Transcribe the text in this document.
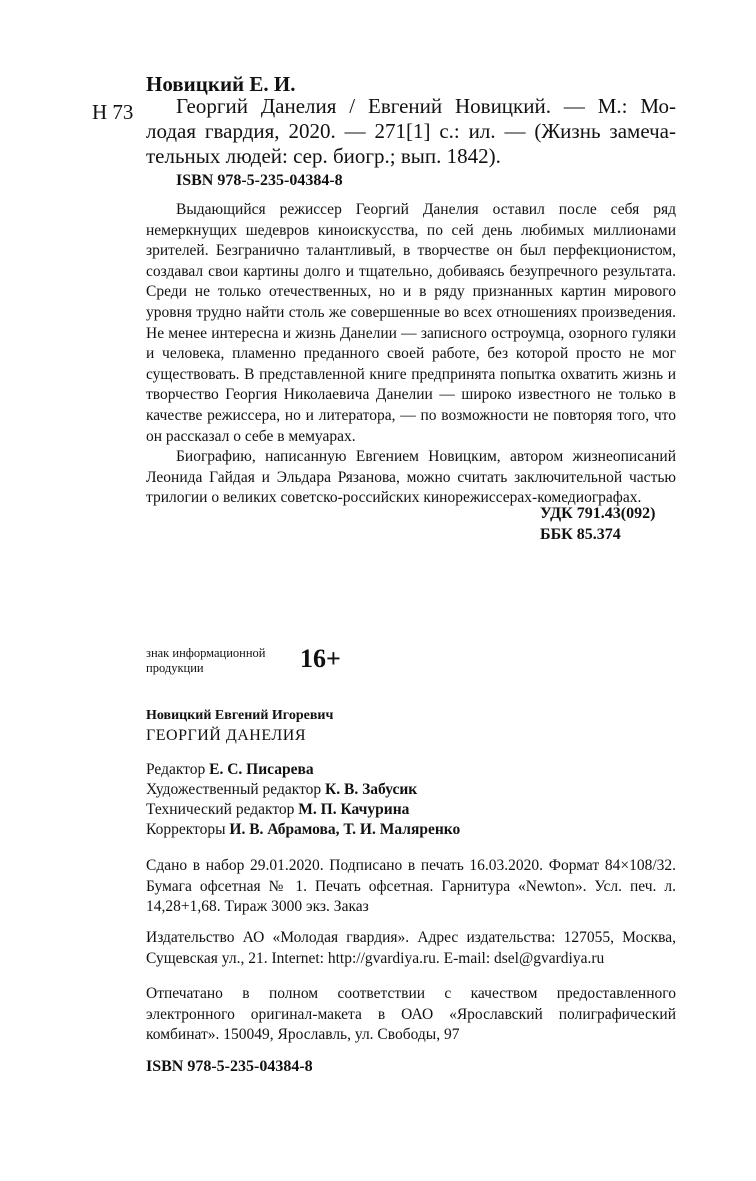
Новицкий Е. И.
Н 73 Георгий Данелия / Евгений Новицкий. — М.: Мо-
лодая гвардия, 2020. — 271[1] с.: ил. — (Жизнь замеча-
тельных людей: сер. биогр.; вып. 1842).
ISBN 978-5-235-04384-8

Выдающийся режиссер Георгий Данелия оставил после себя ряд немеркнущих шедевров киноискусства, по сей день любимых миллионами зрителей. Безгранично талантливый, в творчестве он был перфекционистом, создавал свои картины долго и тщательно, добиваясь безупречного результата. Среди не только отечественных, но и в ряду признанных картин мирового уровня трудно найти столь же совершенные во всех отношениях произведения. Не менее интересна и жизнь Данелии — записного остроумца, озорного гуляки и человека, пламенно преданного своей работе, без которой просто не мог существовать. В представленной книге предпринята попытка охватить жизнь и творчество Георгия Николаевича Данелии — широко известного не только в качестве режиссера, но и литератора, — по возможности не повторяя того, что он рассказал о себе в мемуарах.

Биографию, написанную Евгением Новицким, автором жизнеописаний Леонида Гайдая и Эльдара Рязанова, можно считать заключительной частью трилогии о великих советско-российских кинорежиссерах-комедиографах.

УДК 791.43(092)
ББК 85.374
знак информационной
продукции	16+
Новицкий Евгений Игоревич
ГЕОРГИЙ ДАНЕЛИЯ
Редактор Е. С. Писарева
Художественный редактор К. В. Забусик
Технический редактор М. П. Качурина
Корректоры И. В. Абрамова, Т. И. Маляренко
Сдано в набор 29.01.2020. Подписано в печать 16.03.2020. Формат 84×108/32.
Бумага офсетная № 1. Печать офсетная. Гарнитура «Newton». Усл. печ. л.
14,28+1,68. Тираж 3000 экз. Заказ
Издательство АО «Молодая гвардия». Адрес издательства: 127055, Москва,
Сущевская ул., 21. Internet: http://gvardiya.ru. E-mail: dsel@gvardiya.ru
Отпечатано в полном соответствии с качеством предоставленного
электронного оригинал-макета в ОАО «Ярославский полиграфический
комбинат». 150049, Ярославль, ул. Свободы, 97
ISBN 978-5-235-04384-8
